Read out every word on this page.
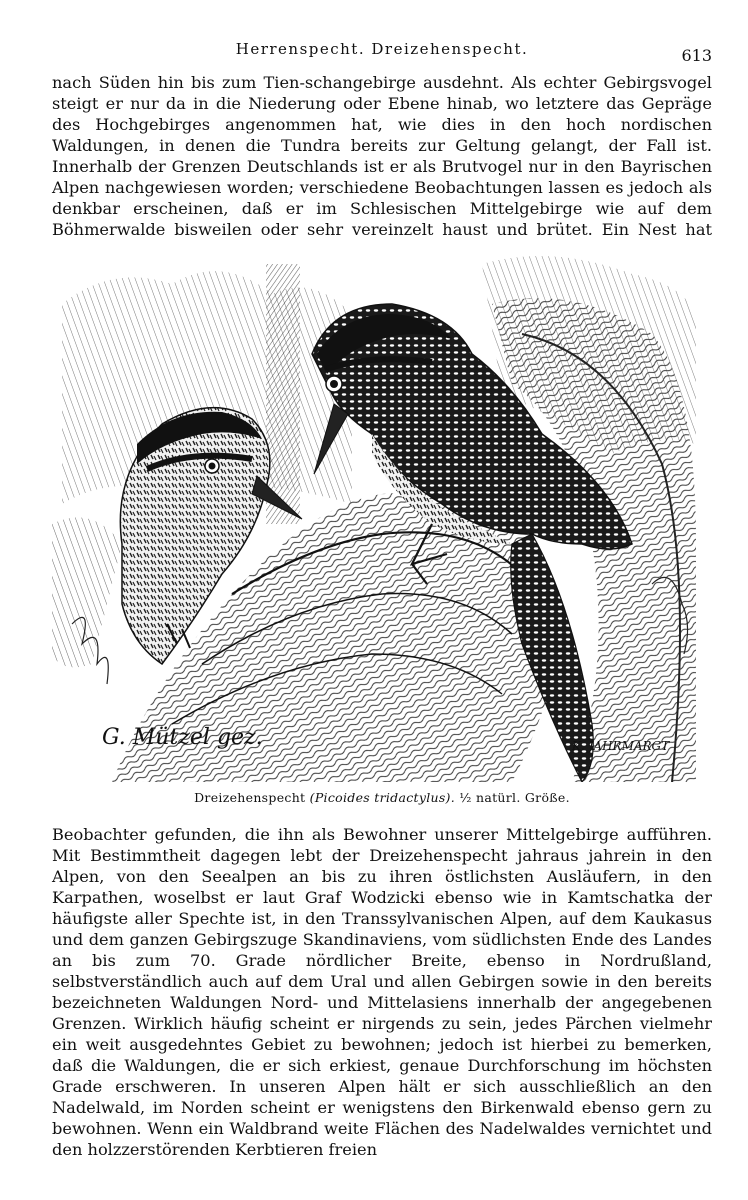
Herrenspecht. Dreizehenspecht.	613

nach Süden hin bis zum Tien-schangebirge ausdehnt. Als echter Gebirgsvogel steigt er nur da in die Niederung oder Ebene hinab, wo letztere das Gepräge des Hochgebirges angenommen hat, wie dies in den hoch nordischen Waldungen, in denen die Tundra bereits zur Geltung gelangt, der Fall ist. Innerhalb der Grenzen Deutschlands ist er als Brutvogel nur in den Bayrischen Alpen nachgewiesen worden; verschiedene Beobachtungen lassen es jedoch als denkbar erscheinen, daß er im Schlesischen Mittelgebirge wie auf dem Böhmerwalde bisweilen oder sehr vereinzelt haust und brütet. Ein Nest hat

G. Mützel gez.	K. JAHRMARGT
Dreizehenspecht (Picoides tridactylus). ½ natürl. Größe.

Beobachter gefunden, die ihn als Bewohner unserer Mittelgebirge aufführen. Mit Bestimmtheit dagegen lebt der Dreizehenspecht jahraus jahrein in den Alpen, von den Seealpen an bis zu ihren östlichsten Ausläufern, in den Karpathen, woselbst er laut Graf Wodzicki ebenso wie in Kamtschatka der häufigste aller Spechte ist, in den Transsylvanischen Alpen, auf dem Kaukasus und dem ganzen Gebirgszuge Skandinaviens, vom südlichsten Ende des Landes an bis zum 70. Grade nördlicher Breite, ebenso in Nordrußland, selbstverständlich auch auf dem Ural und allen Gebirgen sowie in den bereits bezeichneten Waldungen Nord- und Mittelasiens innerhalb der angegebenen Grenzen. Wirklich häufig scheint er nirgends zu sein, jedes Pärchen vielmehr ein weit ausgedehntes Gebiet zu bewohnen; jedoch ist hierbei zu bemerken, daß die Waldungen, die er sich erkiest, genaue Durchforschung im höchsten Grade erschweren. In unseren Alpen hält er sich ausschließlich an den Nadelwald, im Norden scheint er wenigstens den Birkenwald ebenso gern zu bewohnen. Wenn ein Waldbrand weite Flächen des Nadelwaldes vernichtet und den holzzerstörenden Kerbtieren freien
